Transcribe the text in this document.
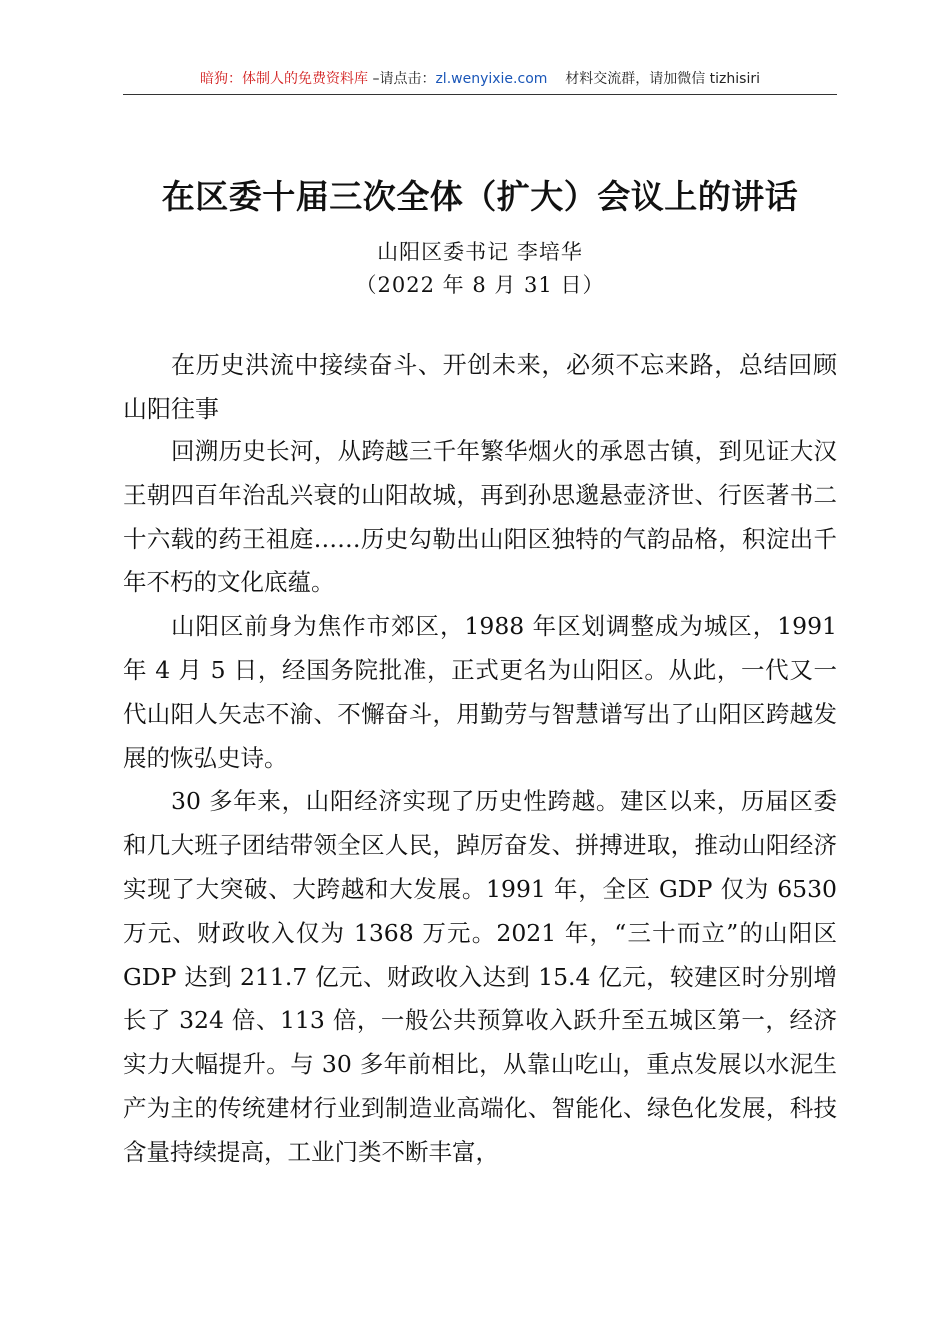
暗狗：体制人的免费资料库 –请点击：zl.wenyixie.com 材料交流群，请加微信 tizhisiri
在区委十届三次全体（扩大）会议上的讲话
山阳区委书记 李培华
（2022 年 8 月 31 日）
在历史洪流中接续奋斗、开创未来，必须不忘来路，总结回顾山阳往事

回溯历史长河，从跨越三千年繁华烟火的承恩古镇，到见证大汉王朝四百年治乱兴衰的山阳故城，再到孙思邈悬壶济世、行医著书二十六载的药王祖庭……历史勾勒出山阳区独特的气韵品格，积淀出千年不朽的文化底蕴。

山阳区前身为焦作市郊区，1988 年区划调整成为城区，1991 年 4 月 5 日，经国务院批准，正式更名为山阳区。从此，一代又一代山阳人矢志不渝、不懈奋斗，用勤劳与智慧谱写出了山阳区跨越发展的恢弘史诗。

30 多年来，山阳经济实现了历史性跨越。建区以来，历届区委和几大班子团结带领全区人民，踔厉奋发、拼搏进取，推动山阳经济实现了大突破、大跨越和大发展。1991 年，全区 GDP 仅为 6530 万元、财政收入仅为 1368 万元。2021 年，“三十而立”的山阳区 GDP 达到 211.7 亿元、财政收入达到 15.4 亿元，较建区时分别增长了 324 倍、113 倍，一般公共预算收入跃升至五城区第一，经济实力大幅提升。与 30 多年前相比，从靠山吃山，重点发展以水泥生产为主的传统建材行业到制造业高端化、智能化、绿色化发展，科技含量持续提高，工业门类不断丰富，
